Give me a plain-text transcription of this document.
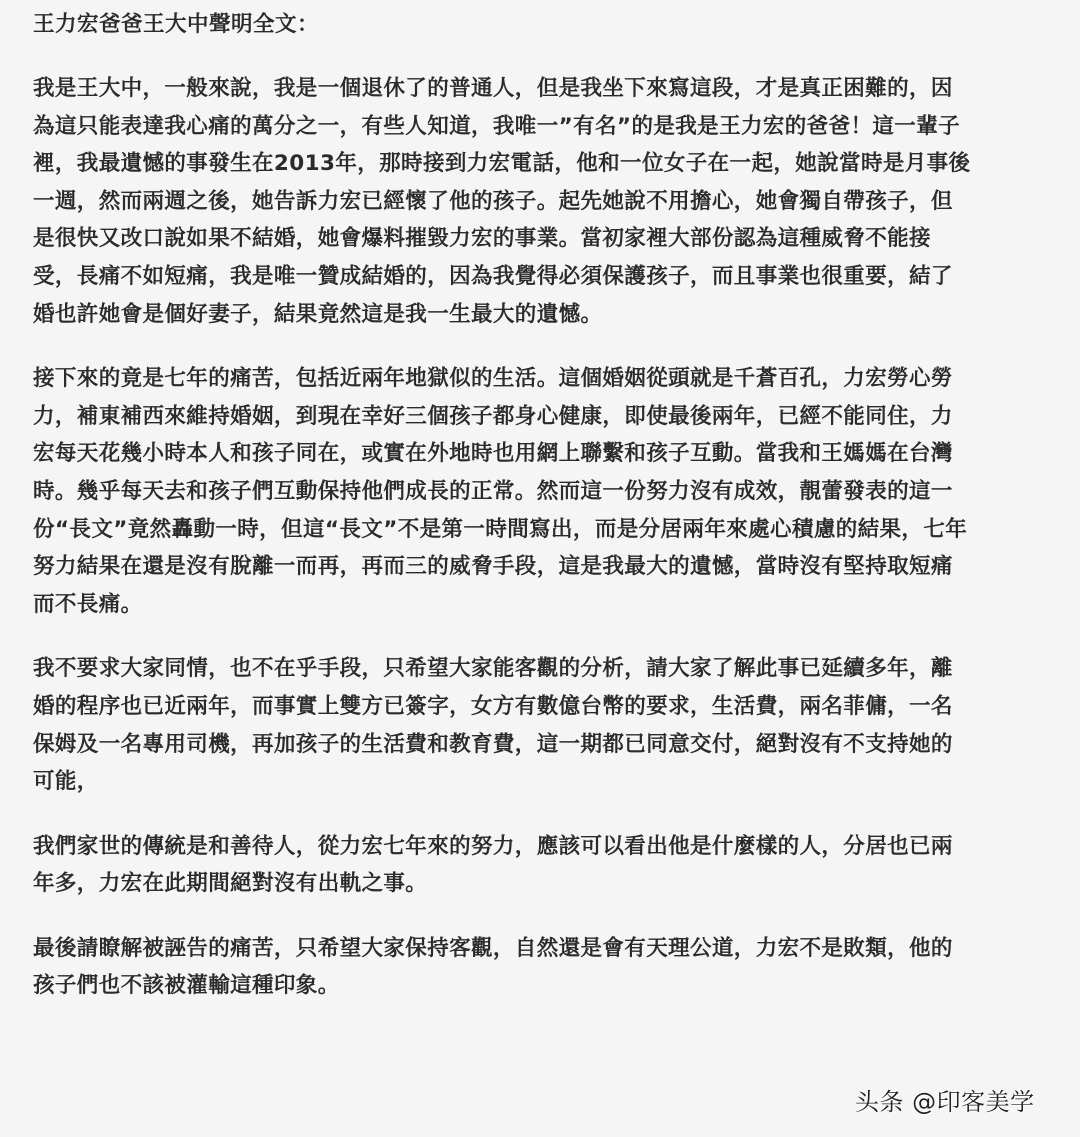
王力宏爸爸王大中聲明全文：
我是王大中，一般來說，我是一個退休了的普通人，但是我坐下來寫這段，才是真正困難的，因
為這只能表達我心痛的萬分之一，有些人知道，我唯一”有名”的是我是王力宏的爸爸！這一輩子
裡，我最遺憾的事發生在2013年，那時接到力宏電話，他和一位女子在一起，她說當時是月事後
一週，然而兩週之後，她告訴力宏已經懷了他的孩子。起先她說不用擔心，她會獨自帶孩子，但
是很快又改口說如果不結婚，她會爆料摧毀力宏的事業。當初家裡大部份認為這種威脅不能接
受，長痛不如短痛，我是唯一贊成結婚的，因為我覺得必須保護孩子，而且事業也很重要，結了
婚也許她會是個好妻子，結果竟然這是我一生最大的遺憾。
接下來的竟是七年的痛苦，包括近兩年地獄似的生活。這個婚姻從頭就是千蒼百孔，力宏勞心勞
力，補東補西來維持婚姻，到現在幸好三個孩子都身心健康，即使最後兩年，已經不能同住，力
宏每天花幾小時本人和孩子同在，或實在外地時也用網上聯繫和孩子互動。當我和王媽媽在台灣
時。幾乎每天去和孩子們互動保持他們成長的正常。然而這一份努力沒有成效，靚蕾發表的這一
份“長文”竟然轟動一時，但這“長文”不是第一時間寫出，而是分居兩年來處心積慮的結果，七年
努力結果在還是沒有脫離一而再，再而三的威脅手段，這是我最大的遺憾，當時沒有堅持取短痛
而不長痛。
我不要求大家同情，也不在乎手段，只希望大家能客觀的分析，請大家了解此事已延續多年，離
婚的程序也已近兩年，而事實上雙方已簽字，女方有數億台幣的要求，生活費，兩名菲傭，一名
保姆及一名專用司機，再加孩子的生活費和教育費，這一期都已同意交付，絕對沒有不支持她的
可能，
我們家世的傳統是和善待人，從力宏七年來的努力，應該可以看出他是什麼樣的人，分居也已兩
年多，力宏在此期間絕對沒有出軌之事。
最後請瞭解被誣告的痛苦，只希望大家保持客觀，自然還是會有天理公道，力宏不是敗類，他的
孩子們也不該被灌輸這種印象。
头条 @印客美学
